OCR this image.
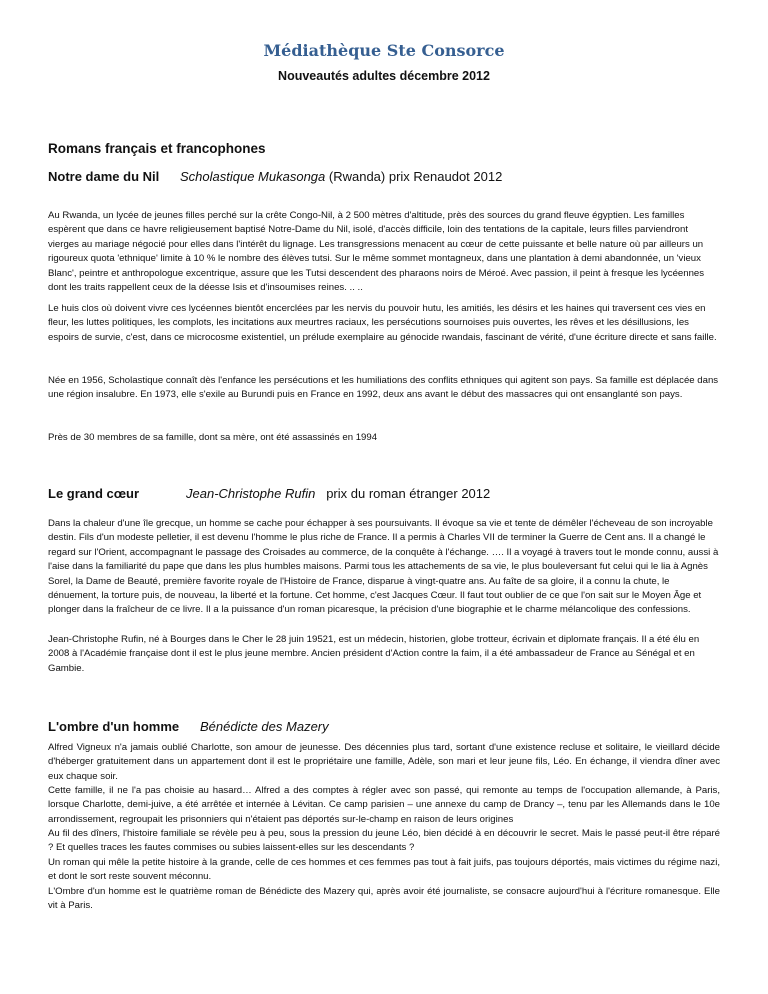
Médiathèque Ste Consorce
Nouveautés adultes décembre 2012
Romans français et francophones
Notre dame du Nil Scholastique Mukasonga (Rwanda) prix Renaudot 2012

Au Rwanda, un lycée de jeunes filles perché sur la crête Congo-Nil, à 2 500 mètres d'altitude, près des sources du grand fleuve égyptien. Les familles espèrent que dans ce havre religieusement baptisé Notre-Dame du Nil, isolé, d'accès difficile, loin des tentations de la capitale, leurs filles parviendront vierges au mariage négocié pour elles dans l'intérêt du lignage. Les transgressions menacent au cœur de cette puissante et belle nature où par ailleurs un rigoureux quota 'ethnique' limite à 10 % le nombre des élèves tutsi. Sur le même sommet montagneux, dans une plantation à demi abandonnée, un 'vieux Blanc', peintre et anthropologue excentrique, assure que les Tutsi descendent des pharaons noirs de Méroé. Avec passion, il peint à fresque les lycéennes dont les traits rappellent ceux de la déesse Isis et d'insoumises reines. .. ..

Le huis clos où doivent vivre ces lycéennes bientôt encerclées par les nervis du pouvoir hutu, les amitiés, les désirs et les haines qui traversent ces vies en fleur, les luttes politiques, les complots, les incitations aux meurtres raciaux, les persécutions sournoises puis ouvertes, les rêves et les désillusions, les espoirs de survie, c'est, dans ce microcosme existentiel, un prélude exemplaire au génocide rwandais, fascinant de vérité, d'une écriture directe et sans faille.

Née en 1956, Scholastique connaît dès l'enfance les persécutions et les humiliations des conflits ethniques qui agitent son pays. Sa famille est déplacée dans une région insalubre. En 1973, elle s'exile au Burundi puis en France en 1992, deux ans avant le début des massacres qui ont ensanglanté son pays.

Près de 30 membres de sa famille, dont sa mère, ont été assassinés en 1994

Le grand cœur	Jean-Christophe Rufin   prix du roman étranger 2012

Dans la chaleur d'une île grecque, un homme se cache pour échapper à ses poursuivants. Il évoque sa vie et tente de démêler l'écheveau de son incroyable destin. Fils d'un modeste pelletier, il est devenu l'homme le plus riche de France. Il a permis à Charles VII de terminer la Guerre de Cent ans. Il a changé le regard sur l'Orient, accompagnant le passage des Croisades au commerce, de la conquête à l'échange. …. Il a voyagé à travers tout le monde connu, aussi à l'aise dans la familiarité du pape que dans les plus humbles maisons. Parmi tous les attachements de sa vie, le plus bouleversant fut celui qui le lia à Agnès Sorel, la Dame de Beauté, première favorite royale de l'Histoire de France, disparue à vingt-quatre ans. Au faîte de sa gloire, il a connu la chute, le dénuement, la torture puis, de nouveau, la liberté et la fortune. Cet homme, c'est Jacques Cœur. Il faut tout oublier de ce que l'on sait sur le Moyen Âge et plonger dans la fraîcheur de ce livre. Il a la puissance d'un roman picaresque, la précision d'une biographie et le charme mélancolique des confessions.

Jean-Christophe Rufin, né à Bourges dans le Cher le 28 juin 19521, est un médecin, historien, globe trotteur, écrivain et diplomate français. Il a été élu en 2008 à l'Académie française dont il est le plus jeune membre. Ancien président d'Action contre la faim, il a été ambassadeur de France au Sénégal et en Gambie.

L'ombre d'un homme Bénédicte des Mazery

Alfred Vigneux n'a jamais oublié Charlotte, son amour de jeunesse. Des décennies plus tard, sortant d'une existence recluse et solitaire, le vieillard décide d'héberger gratuitement dans un appartement dont il est le propriétaire une famille, Adèle, son mari et leur jeune fils, Léo. En échange, il viendra dîner avec eux chaque soir.

Cette famille, il ne l'a pas choisie au hasard… Alfred a des comptes à régler avec son passé, qui remonte au temps de l'occupation allemande, à Paris, lorsque Charlotte, demi-juive, a été arrêtée et internée à Lévitan. Ce camp parisien – une annexe du camp de Drancy –, tenu par les Allemands dans le 10e arrondissement, regroupait les prisonniers qui n'étaient pas déportés sur-le-champ en raison de leurs origines

Au fil des dîners, l'histoire familiale se révèle peu à peu, sous la pression du jeune Léo, bien décidé à en découvrir le secret. Mais le passé peut-il être réparé ? Et quelles traces les fautes commises ou subies laissent-elles sur les descendants ?

Un roman qui mêle la petite histoire à la grande, celle de ces hommes et ces femmes pas tout à fait juifs, pas toujours déportés, mais victimes du régime nazi, et dont le sort reste souvent méconnu.

L'Ombre d'un homme est le quatrième roman de Bénédicte des Mazery qui, après avoir été journaliste, se consacre aujourd'hui à l'écriture romanesque. Elle vit à Paris.
